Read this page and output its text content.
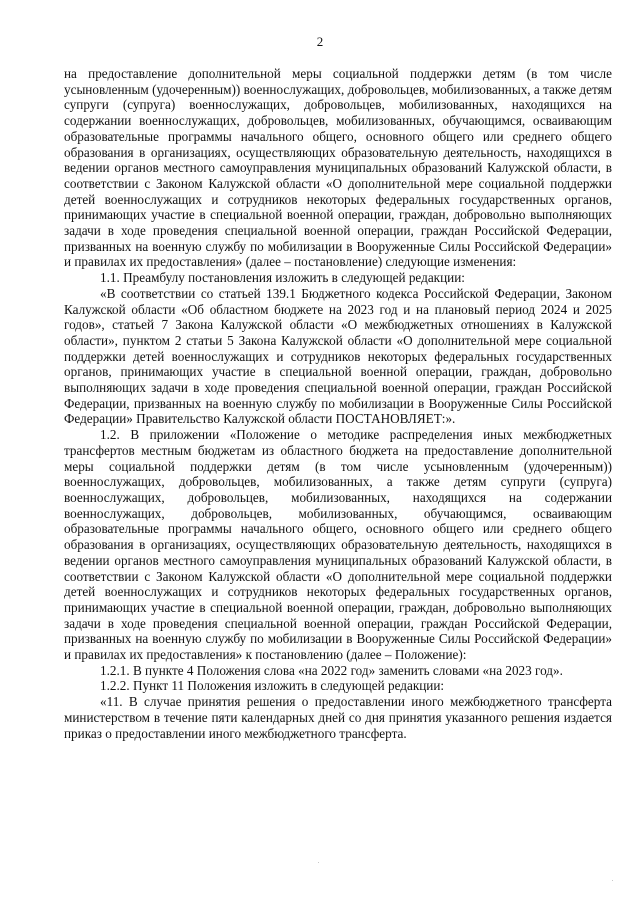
2

на предоставление дополнительной меры социальной поддержки детям (в том числе усыновленным (удочеренным)) военнослужащих, добровольцев, мобилизованных, а также детям супруги (супруга) военнослужащих, добровольцев, мобилизованных, находящихся на содержании военнослужащих, добровольцев, мобилизованных, обучающимся, осваивающим образовательные программы начального общего, основного общего или среднего общего образования в организациях, осуществляющих образовательную деятельность, находящихся в ведении органов местного самоуправления муниципальных образований Калужской области, в соответствии с Законом Калужской области «О дополнительной мере социальной поддержки детей военнослужащих и сотрудников некоторых федеральных государственных органов, принимающих участие в специальной военной операции, граждан, добровольно выполняющих задачи в ходе проведения специальной военной операции, граждан Российской Федерации, призванных на военную службу по мобилизации в Вооруженные Силы Российской Федерации» и правилах их предоставления» (далее – постановление) следующие изменения:

1.1. Преамбулу постановления изложить в следующей редакции:

«В соответствии со статьей 139.1 Бюджетного кодекса Российской Федерации, Законом Калужской области «Об областном бюджете на 2023 год и на плановый период 2024 и 2025 годов», статьей 7 Закона Калужской области «О межбюджетных отношениях в Калужской области», пунктом 2 статьи 5 Закона Калужской области «О дополнительной мере социальной поддержки детей военнослужащих и сотрудников некоторых федеральных государственных органов, принимающих участие в специальной военной операции, граждан, добровольно выполняющих задачи в ходе проведения специальной военной операции, граждан Российской Федерации, призванных на военную службу по мобилизации в Вооруженные Силы Российской Федерации» Правительство Калужской области ПОСТАНОВЛЯЕТ:».

1.2. В приложении «Положение о методике распределения иных межбюджетных трансфертов местным бюджетам из областного бюджета на предоставление дополнительной меры социальной поддержки детям (в том числе усыновленным (удочеренным)) военнослужащих, добровольцев, мобилизованных, а также детям супруги (супруга) военнослужащих, добровольцев, мобилизованных, находящихся на содержании военнослужащих, добровольцев, мобилизованных, обучающимся, осваивающим образовательные программы начального общего, основного общего или среднего общего образования в организациях, осуществляющих образовательную деятельность, находящихся в ведении органов местного самоуправления муниципальных образований Калужской области, в соответствии с Законом Калужской области «О дополнительной мере социальной поддержки детей военнослужащих и сотрудников некоторых федеральных государственных органов, принимающих участие в специальной военной операции, граждан, добровольно выполняющих задачи в ходе проведения специальной военной операции, граждан Российской Федерации, призванных на военную службу по мобилизации в Вооруженные Силы Российской Федерации» и правилах их предоставления» к постановлению (далее – Положение):

1.2.1. В пункте 4 Положения слова «на 2022 год» заменить словами «на 2023 год».

1.2.2. Пункт 11 Положения изложить в следующей редакции:

«11. В случае принятия решения о предоставлении иного межбюджетного трансферта министерством в течение пяти календарных дней со дня принятия указанного решения издается приказ о предоставлении иного межбюджетного трансферта.
